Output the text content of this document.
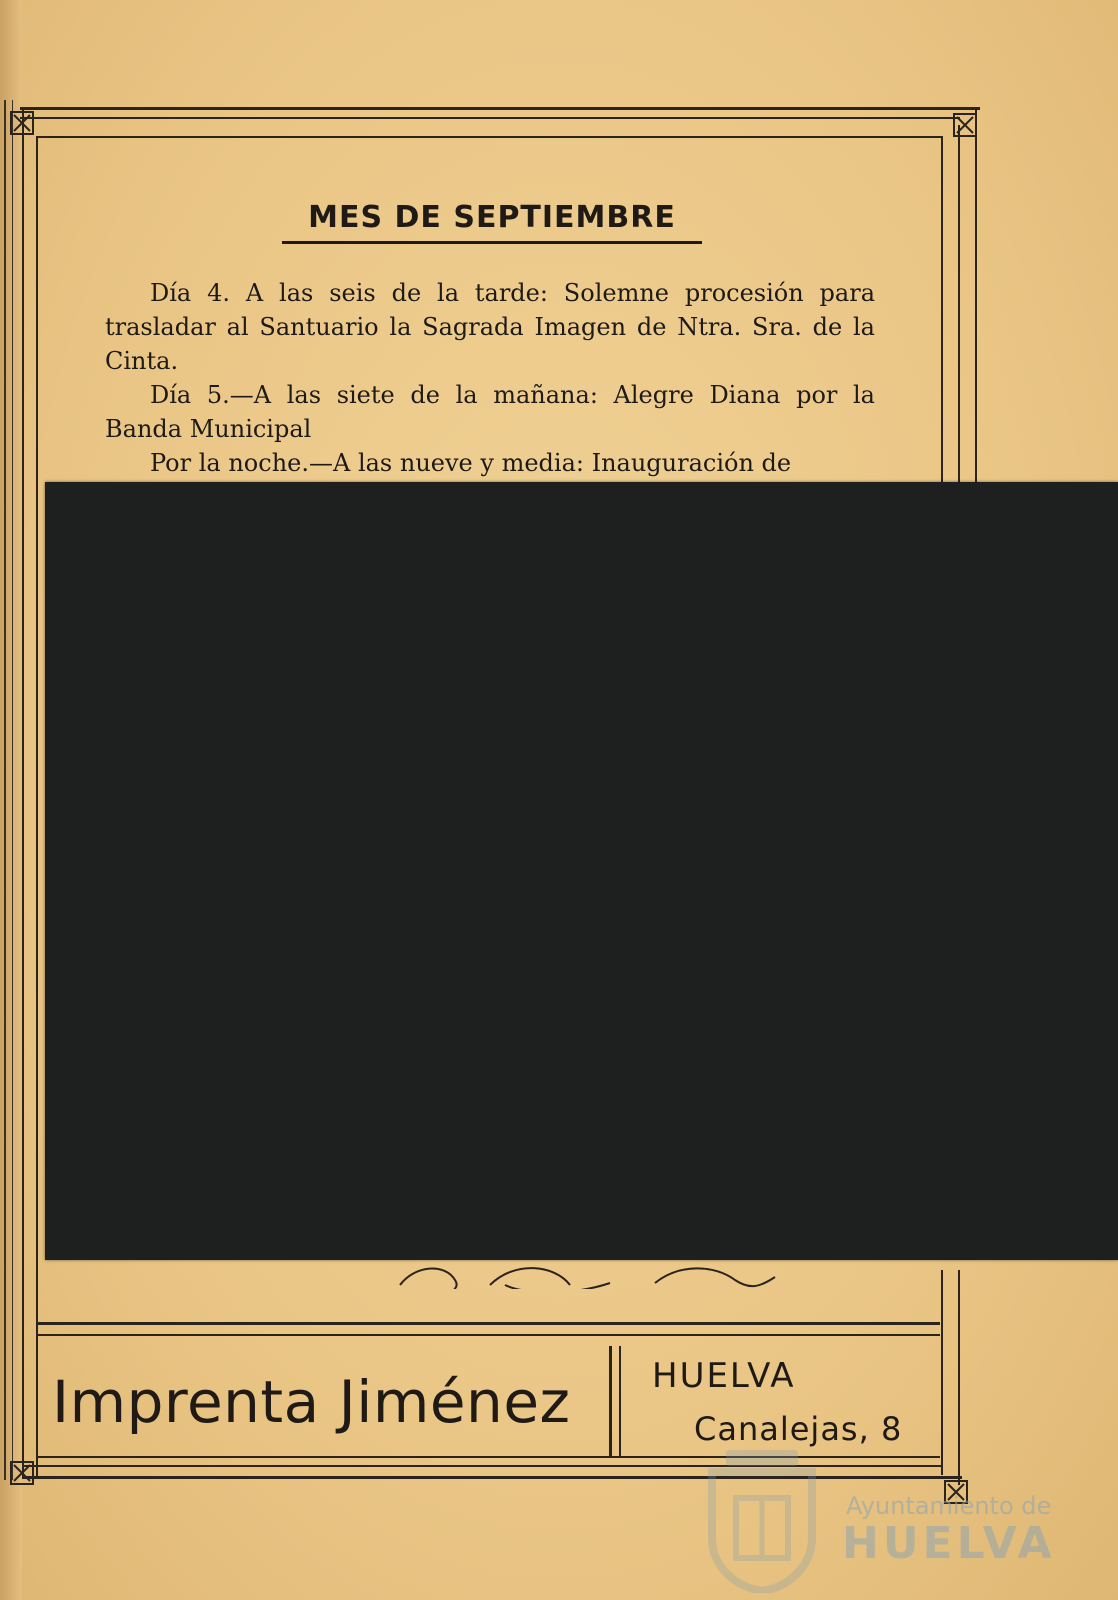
MES DE SEPTIEMBRE

Día 4. A las seis de la tarde: Solemne procesión para trasladar al Santuario la Sagrada Imagen de Ntra. Sra. de la Cinta.

Día 5.—A las siete de la mañana: Alegre Diana por la Banda Municipal

Por la noche.—A las nueve y media: Inauguración de

Imprenta Jiménez HUELVA
Canalejas, 8
Ayuntamiento de
HUELVA
